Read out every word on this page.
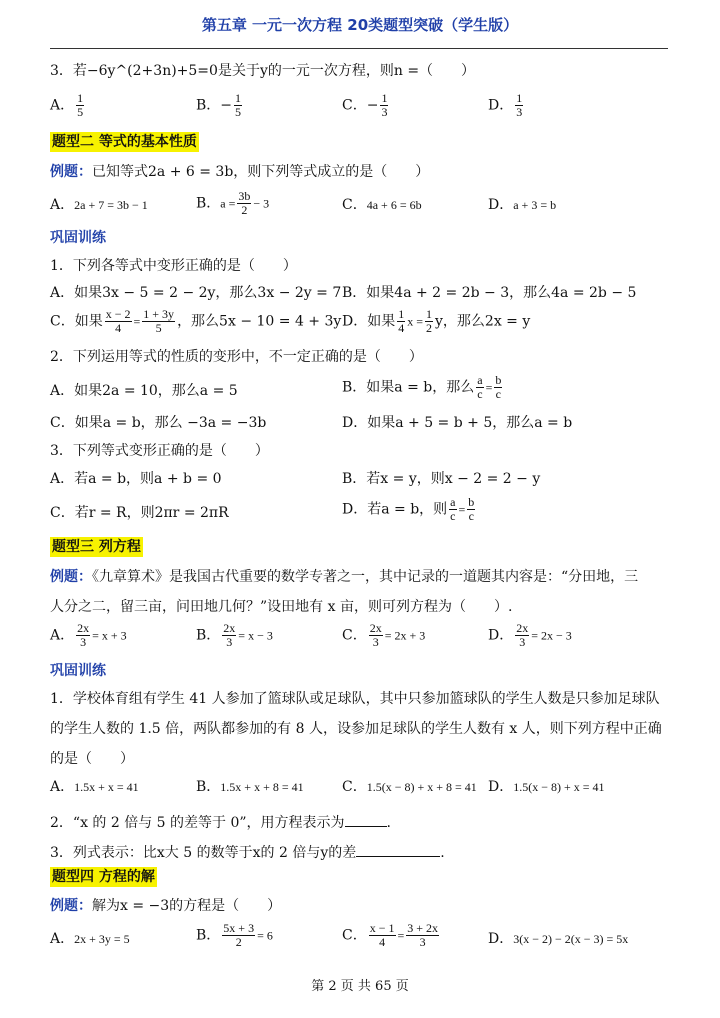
第五章 一元一次方程 20类题型突破（学生版）
3．若−6y^(2+3n)+5=0是关于y的一元一次方程，则n =（　　）
A． $\frac{1}{5}$	B．− $\frac{1}{5}$	C．− $\frac{1}{3}$	D． $\frac{1}{3}$
题型二 等式的基本性质
例题：已知等式2a + 6 = 3b，则下列等式成立的是（　　）
A．2a + 7 = 3b − 1	B．$a = \frac{3b}{2} - 3$	C．4a + 6 = 6b	D．a + 3 = b
巩固训练
1．下列各等式中变形正确的是（　　）
A．如果3x − 5 = 2 − 2y，那么3x − 2y = 7 B．如果4a + 2 = 2b − 3，那么4a = 2b − 5
C．如果 $\frac{x - 2}{4} = \frac{1 + 3y}{5}$ ，那么5x − 10 = 4 + 3y D．如果 $\frac{1}{4}$ $x = \frac{1}{2}$ y，那么2x = y
2．下列运用等式的性质的变形中，不一定正确的是（　　）
A．如果2a = 10，那么a = 5	B．如果a = b，那么 $\frac{a}{c} = \frac{b}{c}$
C．如果a = b，那么 −3a = −3b	D．如果a + 5 = b + 5，那么a = b
3．下列等式变形正确的是（　　）
A．若a = b，则a + b = 0	B．若x = y，则x − 2 = 2 − y
C．若r = R，则2πr = 2πR	D．若a = b，则 $\frac{a}{c} = \frac{b}{c}$
题型三 列方程
例题：《九章算术》是我国古代重要的数学专著之一，其中记录的一道题其内容是：“分田地，三
人分之二，留三亩，问田地几何？”设田地有 x 亩，则可列方程为（　　）.
A． $\frac{2x}{3} = x + 3$	B． $\frac{2x}{3} = x - 3$	C． $\frac{2x}{3} = 2x + 3$	D． $\frac{2x}{3} = 2x - 3$
巩固训练
1．学校体育组有学生 41 人参加了篮球队或足球队，其中只参加篮球队的学生人数是只参加足球队的学生人数的 1.5 倍，两队都参加的有 8 人，设参加足球队的学生人数有 x 人，则下列方程中正确的是（　　）
A．1.5x + x = 41	B．1.5x + x + 8 = 41	C．1.5(x − 8) + x + 8 = 41 D．1.5(x − 8) + x = 41
2．“x 的 2 倍与 5 的差等于 0”，用方程表示为	.
3．列式表示：比x大 5 的数等于x的 2 倍与y的差	.
题型四 方程的解
例题：解为x = −3的方程是（　　）
A．2x + 3y = 5	B． $\frac{5x + 3}{2} = 6$	C． $\frac{x - 1}{4} = \frac{3 + 2x}{3}$	D．3(x − 2) − 2(x − 3) = 5x
第 2 页 共 65 页
